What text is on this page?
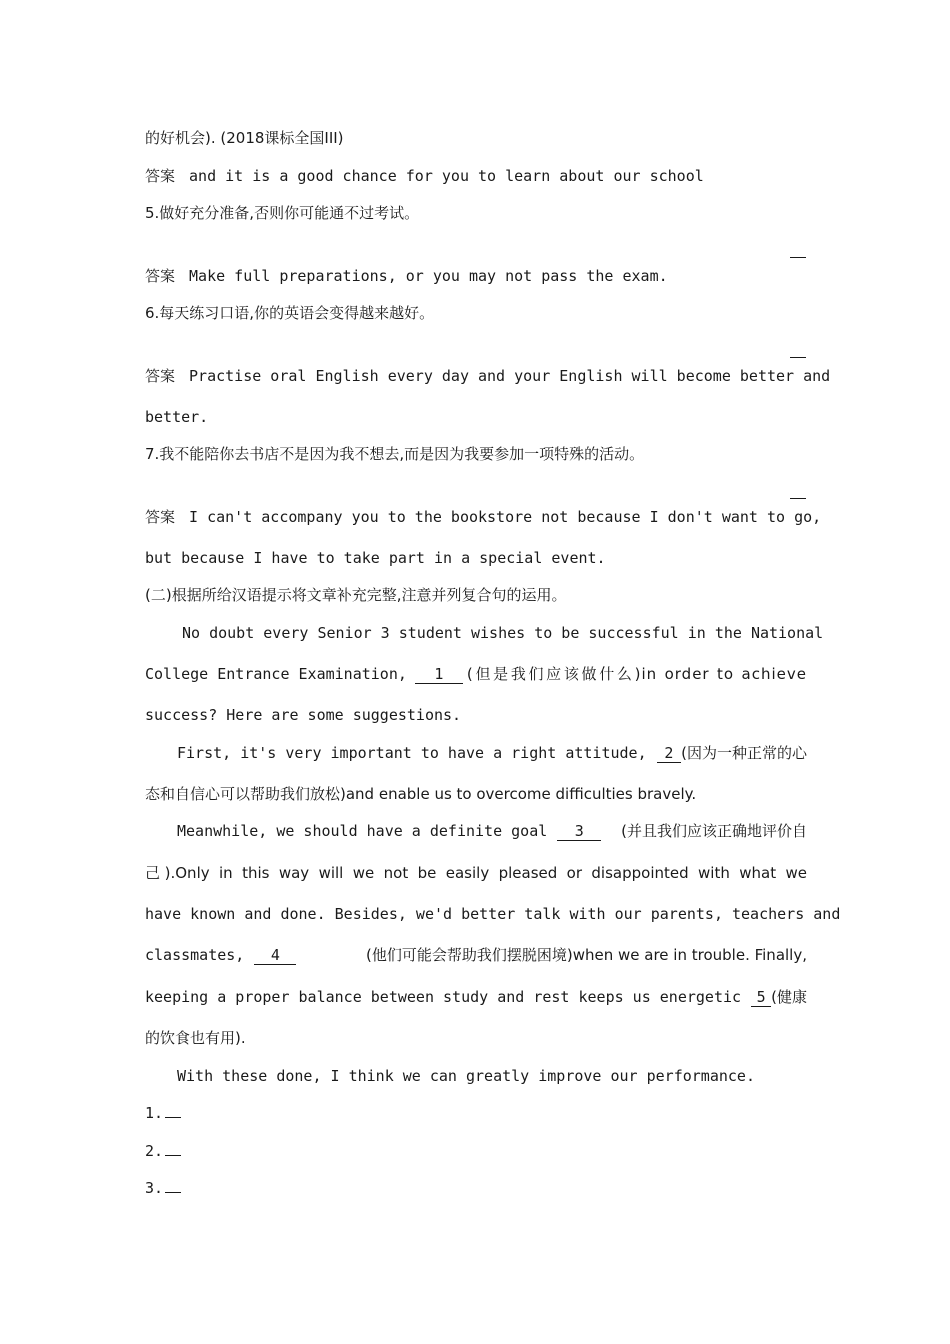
的好机会). (2018课标全国III)
答案 and it is a good chance for you to learn about our school
5.做好充分准备,否则你可能通不过考试。
答案 Make full preparations, or you may not pass the exam.
6.每天练习口语,你的英语会变得越来越好。
答案 Practise oral English every day and your English will become better and
better.
7.我不能陪你去书店不是因为我不想去,而是因为我要参加一项特殊的活动。
答案 I can't accompany you to the bookstore not because I don't want to go,
but because I have to take part in a special event.
(二)根据所给汉语提示将文章补充完整,注意并列复合句的运用。
No doubt every Senior 3 student wishes to be successful in the National
College Entrance Examination,	1	(但是我们应该做什么)in order to achieve
success? Here are some suggestions.
First, it's very important to have a right attitude,	2 (因为一种正常的心
态和自信心可以帮助我们放松)and enable us to overcome difficulties bravely.
Meanwhile, we should have a definite goal	3	(并且我们应该正确地评价自
己).Only in this way will we not be easily pleased or disappointed with what we
have known and done. Besides, we'd better talk with our parents, teachers and
classmates,	4	(他们可能会帮助我们摆脱困境)when we are in trouble. Finally,
keeping a proper balance between study and rest keeps us energetic	5 (健康
的饮食也有用).
With these done, I think we can greatly improve our performance.
1.
2.
3.
